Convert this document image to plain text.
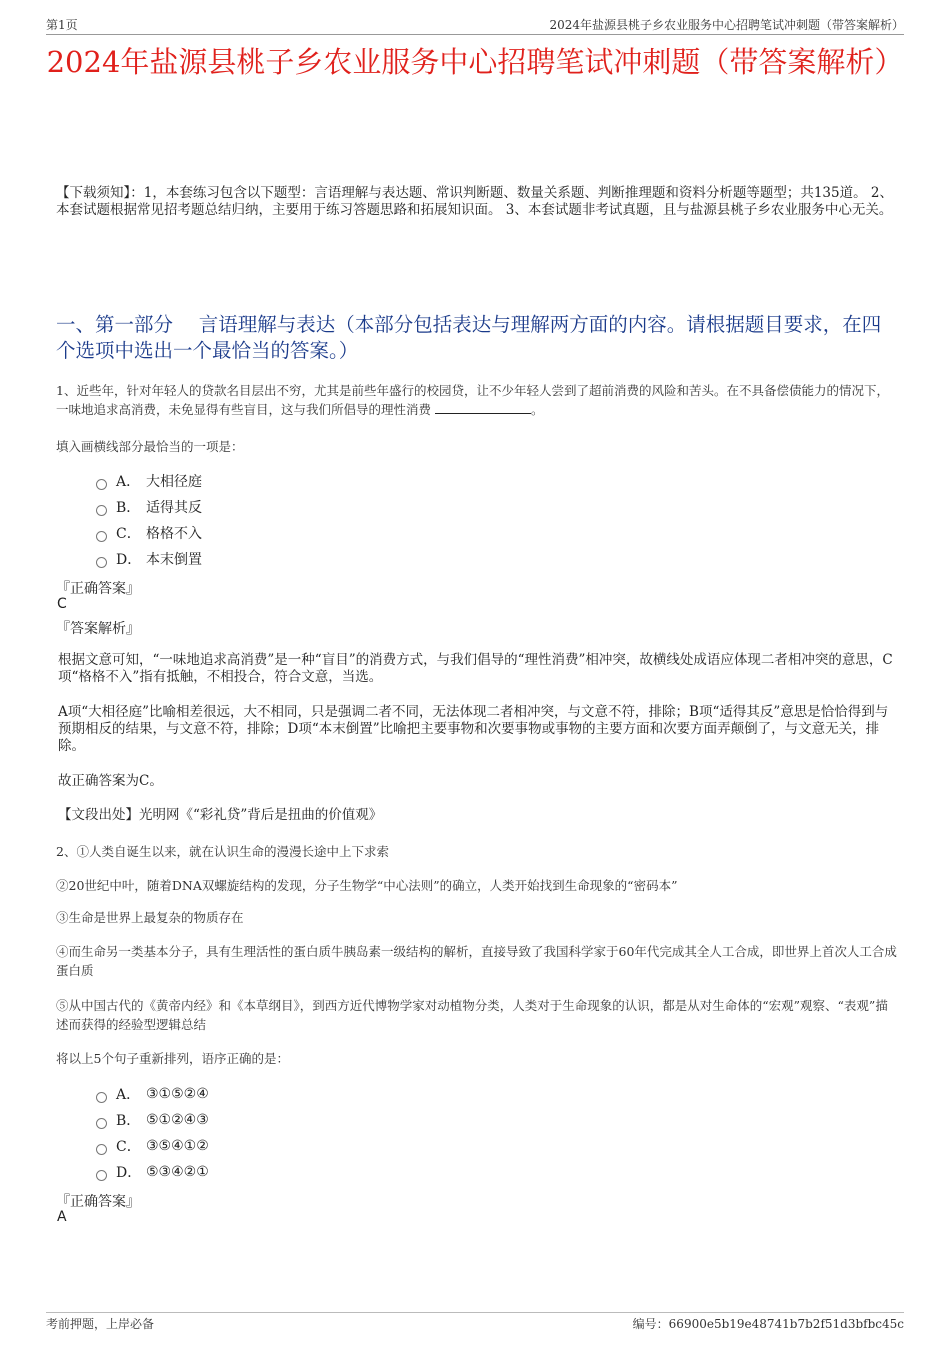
第1页	2024年盐源县桃子乡农业服务中心招聘笔试冲刺题（带答案解析）
2024年盐源县桃子乡农业服务中心招聘笔试冲刺题（带答案解析）
【下载须知】：1，本套练习包含以下题型：言语理解与表达题、常识判断题、数量关系题、判断推理题和资料分析题等题型；共135道。 2、本套试题根据常见招考题总结归纳，主要用于练习答题思路和拓展知识面。 3、本套试题非考试真题，且与盐源县桃子乡农业服务中心无关。
一、第一部分　 言语理解与表达（本部分包括表达与理解两方面的内容。请根据题目要求，在四个选项中选出一个最恰当的答案。）
1、近些年，针对年轻人的贷款名目层出不穷，尤其是前些年盛行的校园贷，让不少年轻人尝到了超前消费的风险和苦头。在不具备偿债能力的情况下，一味地追求高消费，未免显得有些盲目，这与我们所倡导的理性消费	。
填入画横线部分最恰当的一项是：
A． 大相径庭
B． 适得其反
C． 格格不入
D． 本末倒置
『正确答案』
C
『答案解析』
根据文意可知，“一味地追求高消费”是一种“盲目”的消费方式，与我们倡导的“理性消费”相冲突，故横线处成语应体现二者相冲突的意思，C项“格格不入”指有抵触，不相投合，符合文意，当选。
A项“大相径庭”比喻相差很远，大不相同，只是强调二者不同，无法体现二者相冲突，与文意不符，排除；B项“适得其反”意思是恰恰得到与预期相反的结果，与文意不符，排除；D项“本末倒置”比喻把主要事物和次要事物或事物的主要方面和次要方面弄颠倒了，与文意无关，排除。
故正确答案为C。
【文段出处】光明网《“彩礼贷”背后是扭曲的价值观》
2、①人类自诞生以来，就在认识生命的漫漫长途中上下求索
②20世纪中叶，随着DNA双螺旋结构的发现，分子生物学“中心法则”的确立，人类开始找到生命现象的“密码本”
③生命是世界上最复杂的物质存在
④而生命另一类基本分子，具有生理活性的蛋白质牛胰岛素一级结构的解析，直接导致了我国科学家于60年代完成其全人工合成，即世界上首次人工合成蛋白质
⑤从中国古代的《黄帝内经》和《本草纲目》，到西方近代博物学家对动植物分类，人类对于生命现象的认识，都是从对生命体的“宏观”观察、“表观”描述而获得的经验型逻辑总结
将以上5个句子重新排列，语序正确的是：
A． ③①⑤②④
B． ⑤①②④③
C． ③⑤④①②
D． ⑤③④②①
『正确答案』
A
考前押题，上岸必备	编号：66900e5b19e48741b7b2f51d3bfbc45c
